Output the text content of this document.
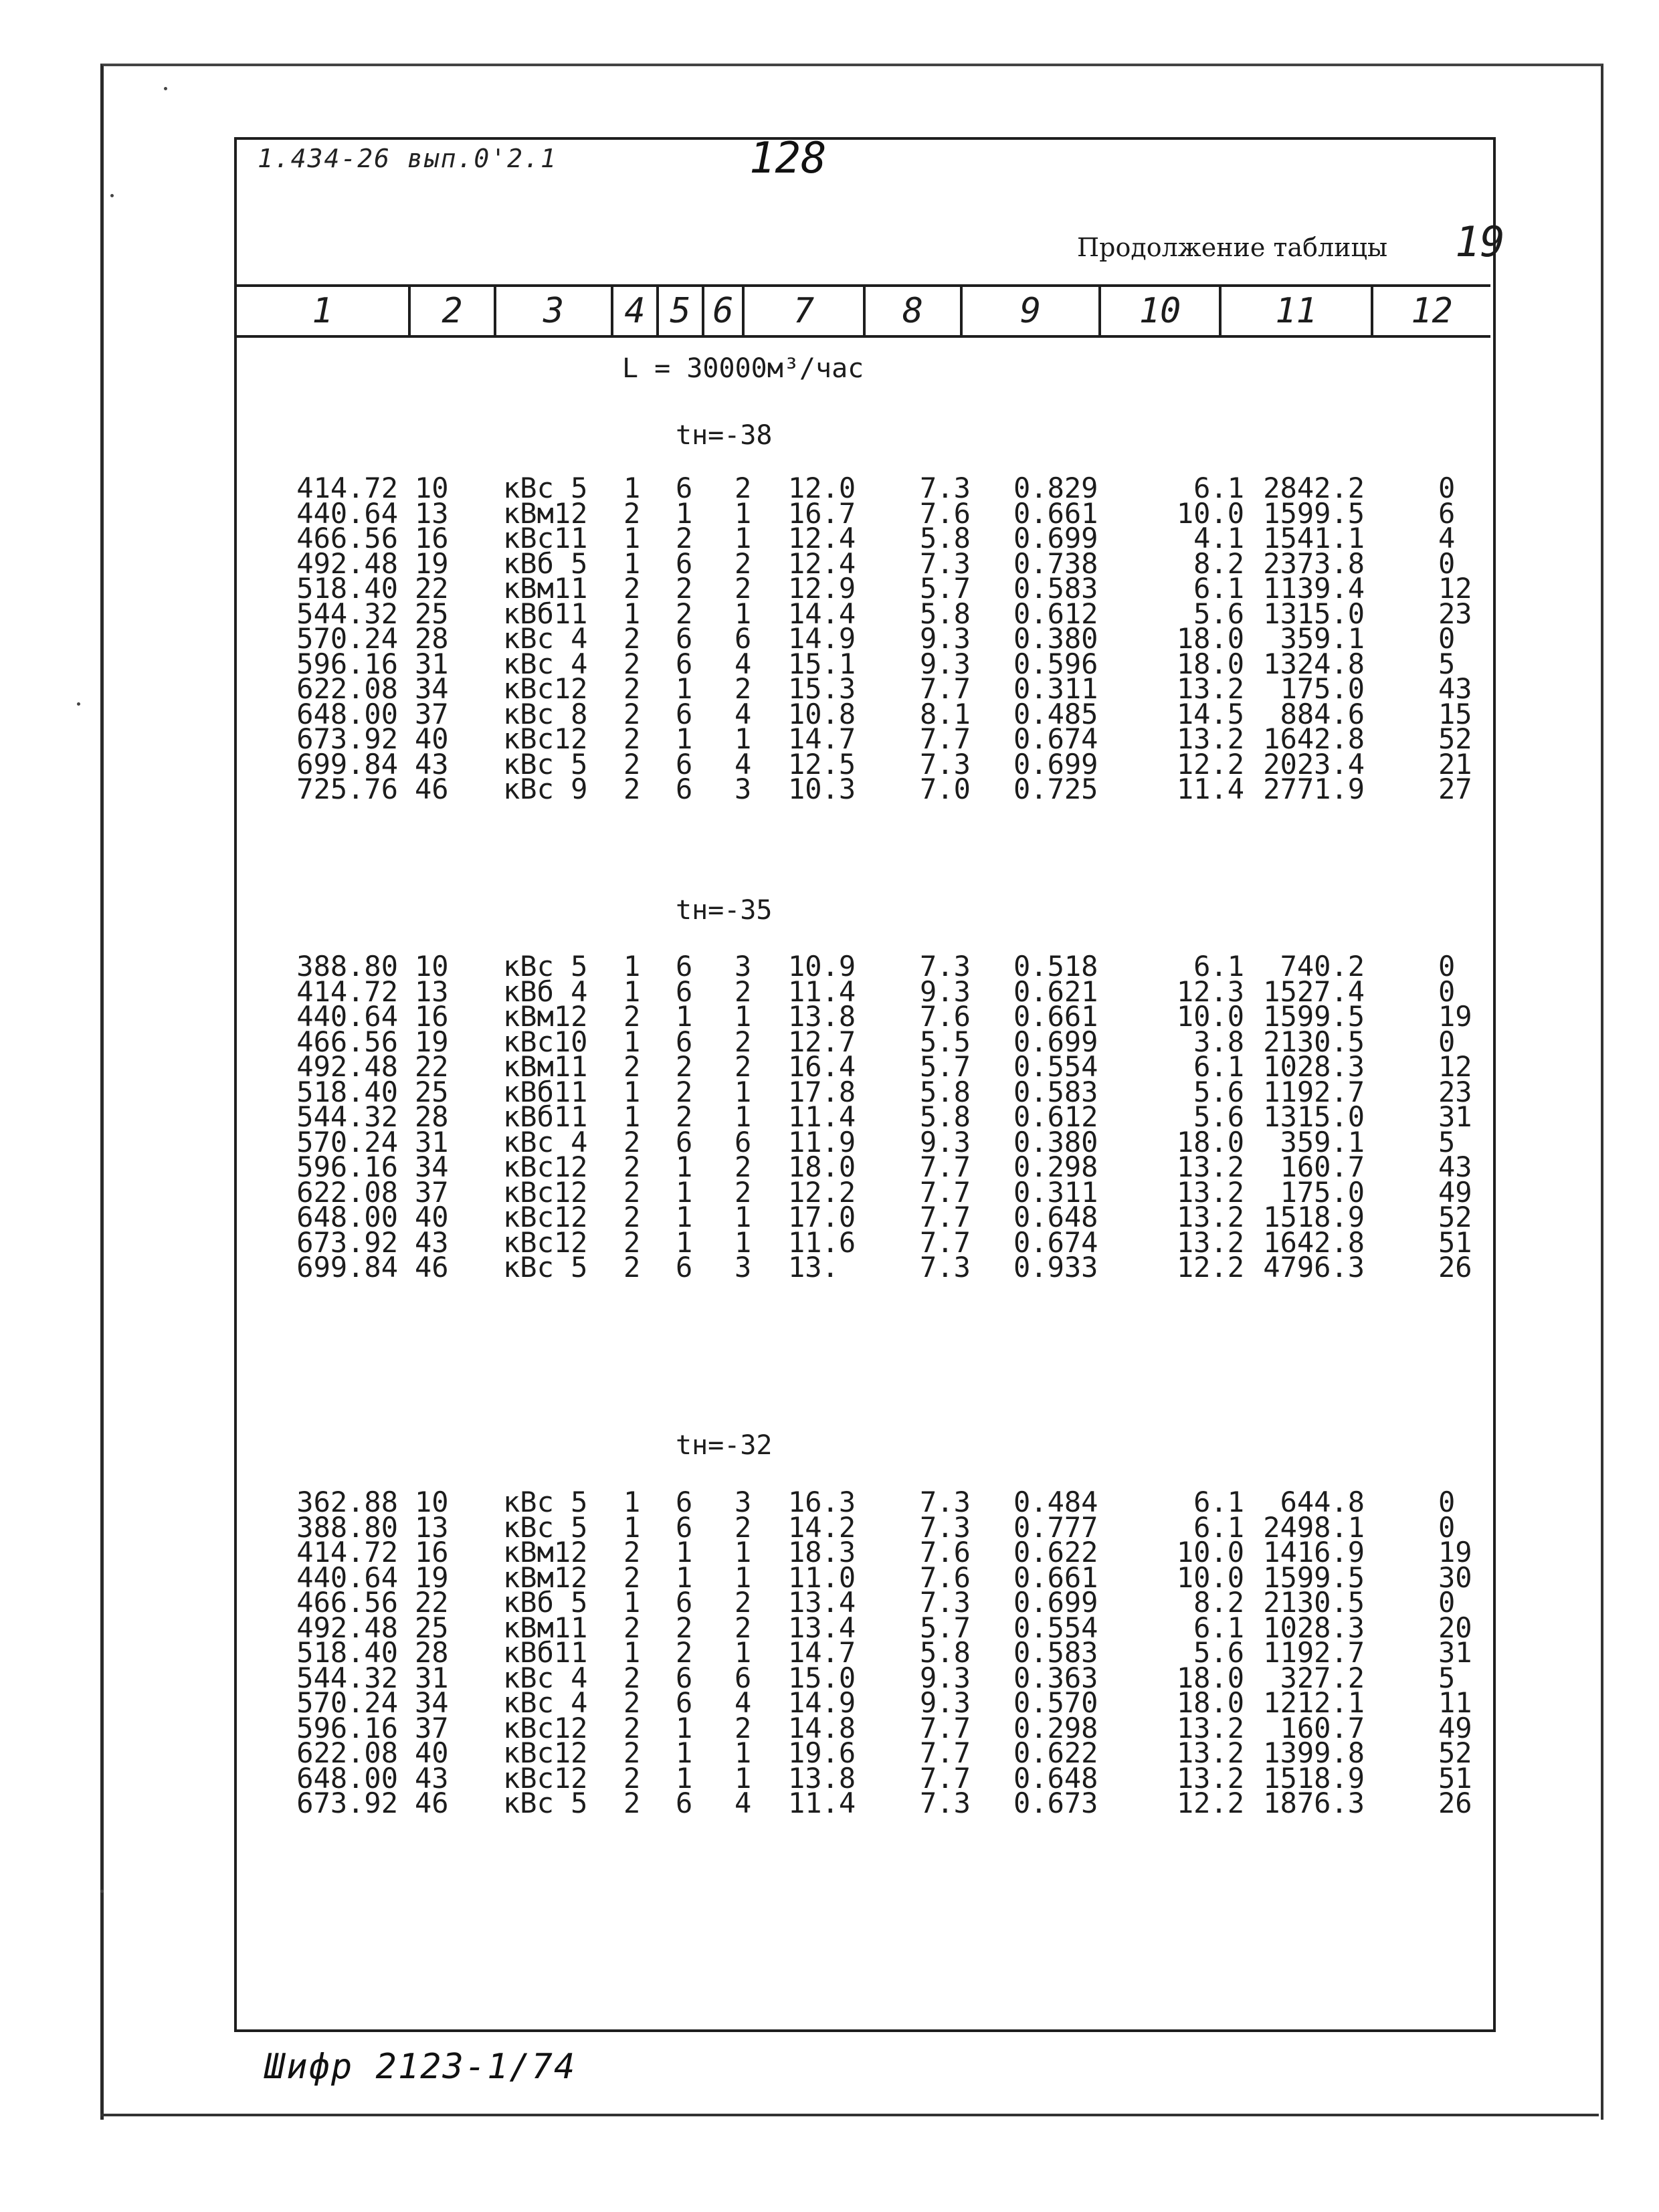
1.434-26 вып.0'2.1	128
Продолжение таблицы 19
1	2	3	4 5 6	7	8	9	10	11	12
L = 30000м³/час
tн=-38
414.72 10	кВс 5	1	6	2	12.0	7.3	0.829	6.1 2842.2	0
440.64 13	кВм12	2	1	1	16.7	7.6	0.661	10.0 1599.5	6
466.56 16	кВс11	1	2	1	12.4	5.8	0.699	4.1 1541.1	4
492.48 19	кВб 5	1	6	2	12.4	7.3	0.738	8.2 2373.8	0
518.40 22	кВм11	2	2	2	12.9	5.7	0.583	6.1 1139.4	12
544.32 25	кВб11	1	2	1	14.4	5.8	0.612	5.6 1315.0	23
570.24 28	кВс 4	2	6	6	14.9	9.3	0.380	18.0	359.1	0
596.16 31	кВс 4	2	6	4	15.1	9.3	0.596	18.0 1324.8	5
622.08 34	кВс12	2	1	2	15.3	7.7	0.311	13.2	175.0	43
648.00 37	кВс 8	2	6	4	10.8	8.1	0.485	14.5	884.6	15
673.92 40	кВс12	2	1	1	14.7	7.7	0.674	13.2 1642.8	52
699.84 43	кВс 5	2	6	4	12.5	7.3	0.699	12.2 2023.4	21
725.76 46	кВс 9	2	6	3	10.3	7.0	0.725	11.4 2771.9	27
tн=-35
388.80 10	кВс 5	1	6	3	10.9	7.3	0.518	6.1	740.2	0
414.72 13	кВб 4	1	6	2	11.4	9.3	0.621	12.3 1527.4	0
440.64 16	кВм12	2	1	1	13.8	7.6	0.661	10.0 1599.5	19
466.56 19	кВс10	1	6	2	12.7	5.5	0.699	3.8 2130.5	0
492.48 22	кВм11	2	2	2	16.4	5.7	0.554	6.1 1028.3	12
518.40 25	кВб11	1	2	1	17.8	5.8	0.583	5.6 1192.7	23
544.32 28	кВб11	1	2	1	11.4	5.8	0.612	5.6 1315.0	31
570.24 31	кВс 4	2	6	6	11.9	9.3	0.380	18.0	359.1	5
596.16 34	кВс12	2	1	2	18.0	7.7	0.298	13.2	160.7	43
622.08 37	кВс12	2	1	2	12.2	7.7	0.311	13.2	175.0	49
648.00 40	кВс12	2	1	1	17.0	7.7	0.648	13.2 1518.9	52
673.92 43	кВс12	2	1	1	11.6	7.7	0.674	13.2 1642.8	51
699.84 46	кВс 5	2	6	3	13.	7.3	0.933	12.2 4796.3	26
tн=-32
362.88 10	кВс 5	1	6	3	16.3	7.3	0.484	6.1	644.8	0
388.80 13	кВс 5	1	6	2	14.2	7.3	0.777	6.1 2498.1	0
414.72 16	кВм12	2	1	1	18.3	7.6	0.622	10.0 1416.9	19
440.64 19	кВм12	2	1	1	11.0	7.6	0.661	10.0 1599.5	30
466.56 22	кВб 5	1	6	2	13.4	7.3	0.699	8.2 2130.5	0
492.48 25	кВм11	2	2	2	13.4	5.7	0.554	6.1 1028.3	20
518.40 28	кВб11	1	2	1	14.7	5.8	0.583	5.6 1192.7	31
544.32 31	кВс 4	2	6	6	15.0	9.3	0.363	18.0	327.2	5
570.24 34	кВс 4	2	6	4	14.9	9.3	0.570	18.0 1212.1	11
596.16 37	кВс12	2	1	2	14.8	7.7	0.298	13.2	160.7	49
622.08 40	кВс12	2	1	1	19.6	7.7	0.622	13.2 1399.8	52
648.00 43	кВс12	2	1	1	13.8	7.7	0.648	13.2 1518.9	51
673.92 46	кВс 5	2	6	4	11.4	7.3	0.673	12.2 1876.3	26
Шифр 2123-1/74
